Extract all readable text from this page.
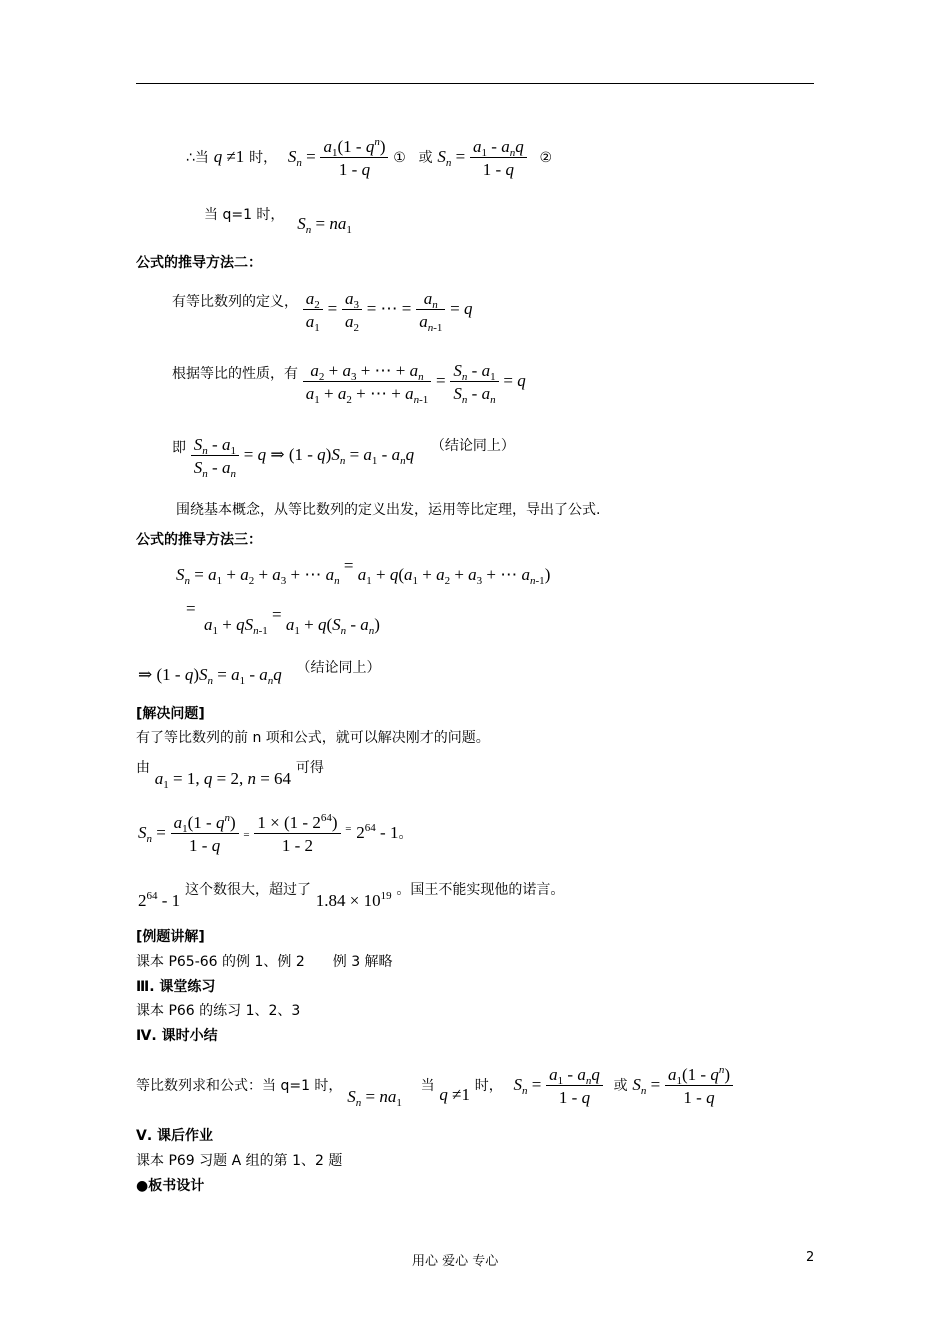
∴当 q ≠1 时， $S_n = \frac{a_1(1 - q^n)}{1 - q}$ ① 或 $S_n = \frac{a_1 - a_nq}{1 - q}$ ②
当 q=1 时， $S_n = na_1$
公式的推导方法二：
有等比数列的定义， $\frac{a_2}{a_1} = \frac{a_3}{a_2}$ = ⋯ = $\frac{a_n}{a_{n-1}} = q$
根据等比的性质，有 $\frac{a_2 + a_3 + \cdots + a_n}{a_1 + a_2 + \cdots + a_{n-1}} = \frac{S_n - a_1}{S_n - a_n} = q$
即 $\frac{S_n - a_1}{S_n - a_n} = q$ ⇒ $(1 - q)S_n = a_1 - a_nq$ （结论同上）
围绕基本概念，从等比数列的定义出发，运用等比定理，导出了公式.
公式的推导方法三：
$S_n = a_1 + a_2 + a_3$ + ⋯ $a_n = a_1 + q(a_1 + a_2 + a_3$ + ⋯ $a_{n-1}$)
=

$a_1 + qS_{n-1} = a_1 + q(S_n - a_n)$
⇒ $(1 - q)S_n = a_1 - a_nq$ （结论同上）
[解决问题]
有了等比数列的前 n 项和公式，就可以解决刚才的问题。
由 $a_1 = 1$, q = 2, n = 64 可得
$S_n = \frac{a_1(1 - q^n)}{1 - q} = \frac{1 \times (1 - 2^{64})}{1 - 2} ^=$ $2^{64} - 1$。
$2^{64} - 1$ 这个数很大，超过了 $1.84 \times 10^{19}$ 。国王不能实现他的诺言。
[例题讲解]
课本 P65-66 的例 1、例 2　　例 3 解略
Ⅲ. 课堂练习
课本 P66 的练习 1、2、3
Ⅳ. 课时小结
等比数列求和公式：当 q=1 时， $S_n = na_1$ 当 q ≠1 时， $S_n = \frac{a_1 - a_nq}{1 - q}$ 或 $S_n = \frac{a_1(1 - q^n)}{1 - q}$
Ⅴ. 课后作业
课本 P69 习题 A 组的第 1、2 题
●板书设计
用心 爱心 专心	2
